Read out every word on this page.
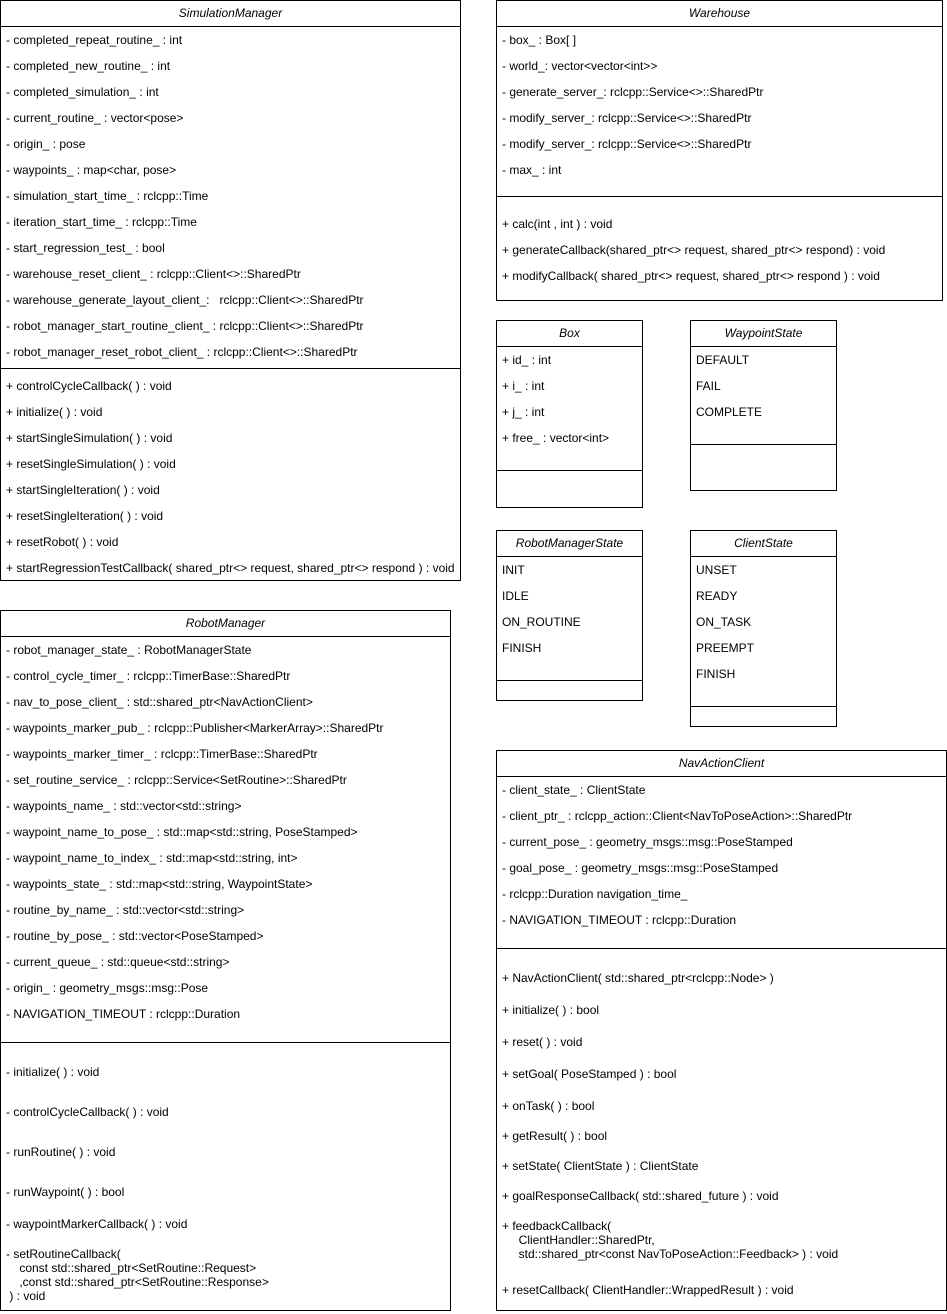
SimulationManager
- completed_repeat_routine_ : int
- completed_new_routine_ : int
- completed_simulation_ : int
- current_routine_ : vector<pose>
- origin_ : pose
- waypoints_ : map<char, pose>
- simulation_start_time_ : rclcpp::Time
- iteration_start_time_ : rclcpp::Time
- start_regression_test_ : bool
- warehouse_reset_client_ : rclcpp::Client<>::SharedPtr
- warehouse_generate_layout_client_:   rclcpp::Client<>::SharedPtr
- robot_manager_start_routine_client_ : rclcpp::Client<>::SharedPtr
- robot_manager_reset_robot_client_ : rclcpp::Client<>::SharedPtr
+ controlCycleCallback( ) : void
+ initialize( ) : void
+ startSingleSimulation( ) : void
+ resetSingleSimulation( ) : void
+ startSingleIteration( ) : void
+ resetSingleIteration( ) : void
+ resetRobot( ) : void
+ startRegressionTestCallback( shared_ptr<> request, shared_ptr<> respond ) : void
Warehouse
- box_ : Box[ ]
- world_: vector<vector<int>>
- generate_server_: rclcpp::Service<>::SharedPtr
- modify_server_: rclcpp::Service<>::SharedPtr
- modify_server_: rclcpp::Service<>::SharedPtr
- max_ : int
+ calc(int , int ) : void
+ generateCallback(shared_ptr<> request, shared_ptr<> respond) : void
+ modifyCallback( shared_ptr<> request, shared_ptr<> respond ) : void
Box
+ id_ : int
+ i_ : int
+ j_ : int
+ free_ : vector<int>
WaypointState
DEFAULT
FAIL
COMPLETE
RobotManagerState
INIT
IDLE
ON_ROUTINE
FINISH
ClientState
UNSET
READY
ON_TASK
PREEMPT
FINISH
RobotManager
- robot_manager_state_ : RobotManagerState
- control_cycle_timer_ : rclcpp::TimerBase::SharedPtr
- nav_to_pose_client_ : std::shared_ptr<NavActionClient>
- waypoints_marker_pub_ : rclcpp::Publisher<MarkerArray>::SharedPtr
- waypoints_marker_timer_ : rclcpp::TimerBase::SharedPtr
- set_routine_service_ : rclcpp::Service<SetRoutine>::SharedPtr
- waypoints_name_ : std::vector<std::string>
- waypoint_name_to_pose_ : std::map<std::string, PoseStamped>
- waypoint_name_to_index_ : std::map<std::string, int>
- waypoints_state_ : std::map<std::string, WaypointState>
- routine_by_name_ : std::vector<std::string>
- routine_by_pose_ : std::vector<PoseStamped>
- current_queue_ : std::queue<std::string>
- origin_ : geometry_msgs::msg::Pose
- NAVIGATION_TIMEOUT : rclcpp::Duration
- initialize( ) : void
- controlCycleCallback( ) : void
- runRoutine( ) : void
- runWaypoint( ) : bool
- waypointMarkerCallback( ) : void
- setRoutineCallback(
const std::shared_ptr<SetRoutine::Request>
,const std::shared_ptr<SetRoutine::Response>
) : void
NavActionClient
- client_state_ : ClientState
- client_ptr_ : rclcpp_action::Client<NavToPoseAction>::SharedPtr
- current_pose_ : geometry_msgs::msg::PoseStamped
- goal_pose_ : geometry_msgs::msg::PoseStamped
- rclcpp::Duration navigation_time_
- NAVIGATION_TIMEOUT : rclcpp::Duration
+ NavActionClient( std::shared_ptr<rclcpp::Node> )
+ initialize( ) : bool
+ reset( ) : void
+ setGoal( PoseStamped ) : bool
+ onTask( ) : bool
+ getResult( ) : bool
+ setState( ClientState ) : ClientState
+ goalResponseCallback( std::shared_future ) : void
+ feedbackCallback(
ClientHandler::SharedPtr,
std::shared_ptr<const NavToPoseAction::Feedback> ) : void
+ resetCallback( ClientHandler::WrappedResult ) : void
